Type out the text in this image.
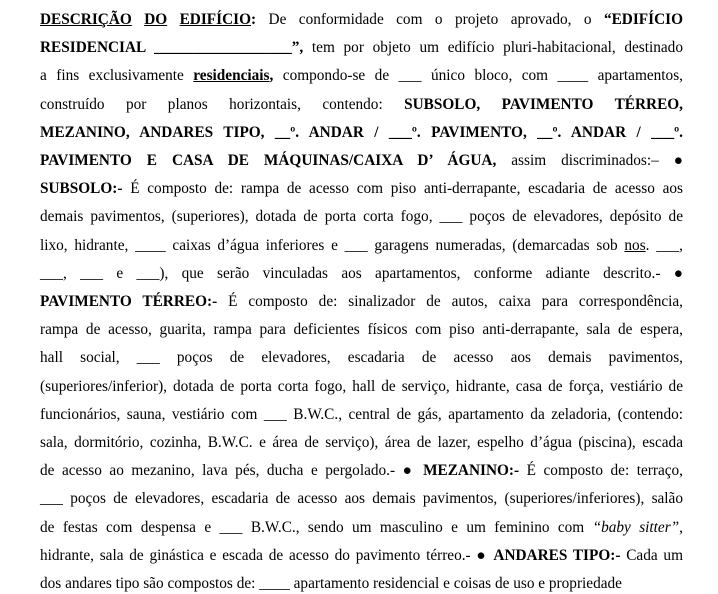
DESCRIÇÃO DO EDIFÍCIO: De conformidade com o projeto aprovado, o “EDIFÍCIO
RESIDENCIAL __________________”, tem por objeto um edifício pluri-habitacional, destinado
a fins exclusivamente residenciais, compondo-se de ___ único bloco, com ____ apartamentos,
construído por planos horizontais, contendo: SUBSOLO, PAVIMENTO TÉRREO,
MEZANINO, ANDARES TIPO, __º. ANDAR / ___º. PAVIMENTO, __º. ANDAR / ___º.
PAVIMENTO E CASA DE MÁQUINAS/CAIXA D’ ÁGUA, assim discriminados:– ●
SUBSOLO:- É composto de: rampa de acesso com piso anti-derrapante, escadaria de acesso aos
demais pavimentos, (superiores), dotada de porta corta fogo, ___ poços de elevadores, depósito de
lixo, hidrante, ____ caixas d’água inferiores e ___ garagens numeradas, (demarcadas sob nos. ___,
___, ___ e ___), que serão vinculadas aos apartamentos, conforme adiante descrito.- ●
PAVIMENTO TÉRREO:- É composto de: sinalizador de autos, caixa para correspondência,
rampa de acesso, guarita, rampa para deficientes físicos com piso anti-derrapante, sala de espera,
hall social, ___ poços de elevadores, escadaria de acesso aos demais pavimentos,
(superiores/inferior), dotada de porta corta fogo, hall de serviço, hidrante, casa de força, vestiário de
funcionários, sauna, vestiário com ___ B.W.C., central de gás, apartamento da zeladoria, (contendo:
sala, dormitório, cozinha, B.W.C. e área de serviço), área de lazer, espelho d’água (piscina), escada
de acesso ao mezanino, lava pés, ducha e pergolado.- ● MEZANINO:- É composto de: terraço,
___ poços de elevadores, escadaria de acesso aos demais pavimentos, (superiores/inferiores), salão
de festas com despensa e ___ B.W.C., sendo um masculino e um feminino com “baby sitter”,
hidrante, sala de ginástica e escada de acesso do pavimento térreo.- ● ANDARES TIPO:- Cada um
dos andares tipo são compostos de: ____ apartamento residencial e coisas de uso e propriedade
